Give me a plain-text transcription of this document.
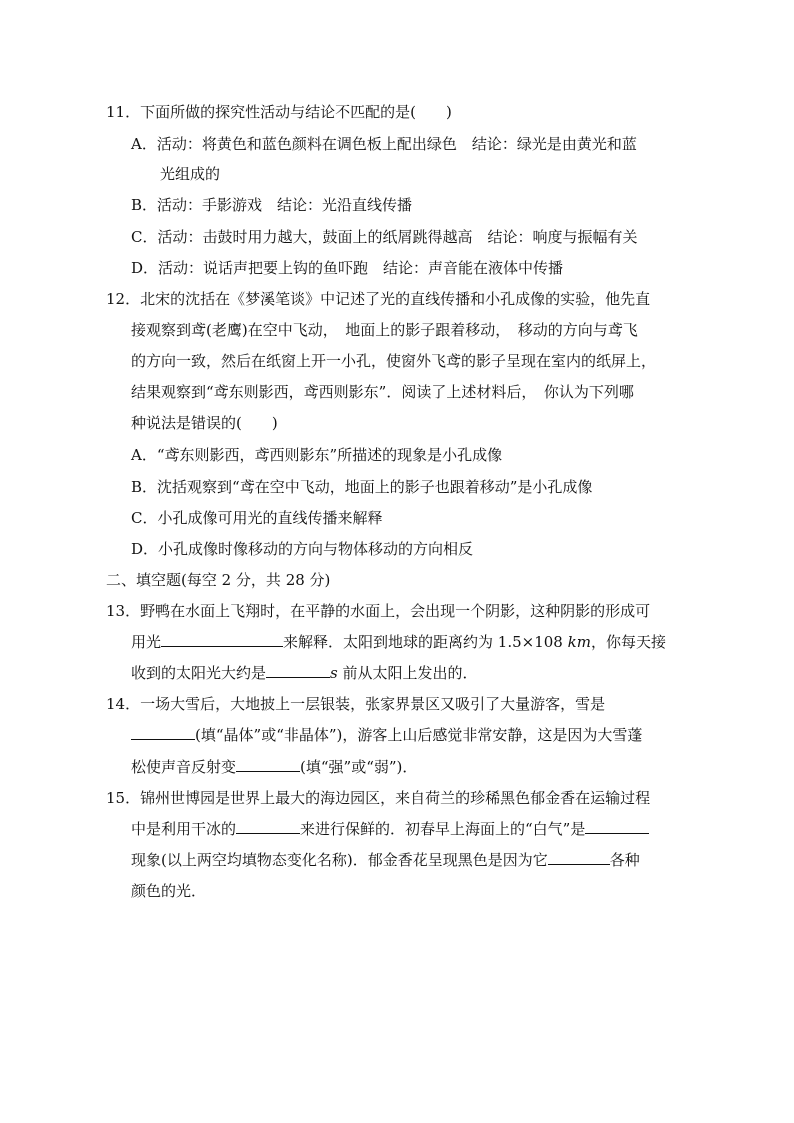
11．下面所做的探究性活动与结论不匹配的是(　　)
A．活动：将黄色和蓝色颜料在调色板上配出绿色　结论：绿光是由黄光和蓝
光组成的
B．活动：手影游戏　结论：光沿直线传播
C．活动：击鼓时用力越大，鼓面上的纸屑跳得越高　结论：响度与振幅有关
D．活动：说话声把要上钩的鱼吓跑　结论：声音能在液体中传播
12．北宋的沈括在《梦溪笔谈》中记述了光的直线传播和小孔成像的实验，他先直
接观察到鸢(老鹰)在空中飞动，　地面上的影子跟着移动，　移动的方向与鸢飞
的方向一致，然后在纸窗上开一小孔，使窗外飞鸢的影子呈现在室内的纸屏上，
结果观察到“鸢东则影西，鸢西则影东”．阅读了上述材料后，　你认为下列哪
种说法是错误的(　　)
A．“鸢东则影西，鸢西则影东”所描述的现象是小孔成像
B．沈括观察到“鸢在空中飞动，地面上的影子也跟着移动”是小孔成像
C．小孔成像可用光的直线传播来解释
D．小孔成像时像移动的方向与物体移动的方向相反
二、填空题(每空 2 分，共 28 分)
13．野鸭在水面上飞翔时，在平静的水面上，会出现一个阴影，这种阴影的形成可
用光	来解释．太阳到地球的距离约为 1.5×108 km，你每天接
收到的太阳光大约是	s 前从太阳上发出的．
14．一场大雪后，大地披上一层银装，张家界景区又吸引了大量游客，雪是
(填“晶体”或“非晶体”)，游客上山后感觉非常安静，这是因为大雪蓬
松使声音反射变	(填“强”或“弱”)．
15．锦州世博园是世界上最大的海边园区，来自荷兰的珍稀黑色郁金香在运输过程
中是利用干冰的	来进行保鲜的．初春早上海面上的“白气”是
现象(以上两空均填物态变化名称)．郁金香花呈现黑色是因为它	各种
颜色的光．
